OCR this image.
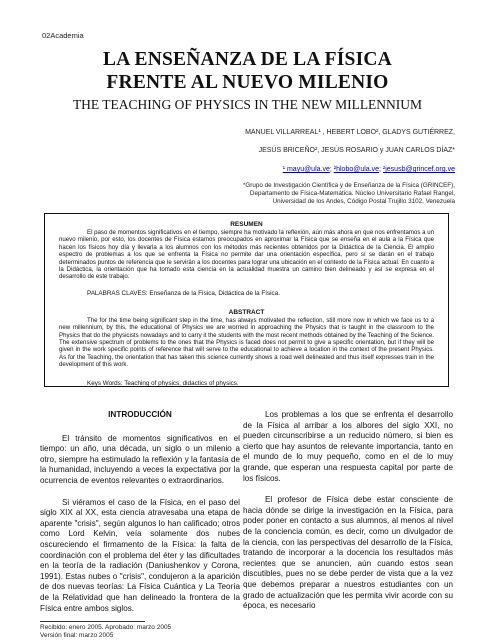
02Academia
LA ENSEÑANZA DE LA FÍSICA
FRENTE AL NUEVO MILENIO
THE TEACHING OF PHYSICS IN THE NEW MILLENNIUM
MANUEL VILLARREAL¹ , HEBERT LOBO², GLADYS GUTIÉRREZ,
JESÚS BRICEÑO², JESÚS ROSARIO y JUAN CARLOS DÍAZ*
¹ mayu@ula.ve; ²hlobo@ula.ve; ²jesusb@grincef.org.ve
*Grupo de Investigación Científica y de Enseñanza de la Física (GRINCEF),
Departamento de Física-Matemática. Núcleo Universitario Rafael Rangel,
Universidad de los Andes, Código Postal Trujillo 3102, Venezuela
RESUMEN

El paso de momentos significativos en el tiempo, siempre ha motivado la reflexión, aún más ahora en que nos enfrentamos a un nuevo milenio, por esto, los docentes de Física estamos preocupados en aproximar la Física que se enseña en el aula a la Física que hacen los físicos hoy día y llevarla a los alumnos con los métodos más recientes obtenidos por la Didáctica de la Ciencia. El amplio espectro de problemas a los que se enfrenta la Física no permite dar una orientación específica, pero sí se darán en el trabajo determinados puntos de referencia que le servirán a los docentes para lograr una ubicación en el contexto de la Física actual. En cuanto a la Didáctica, la orientación que ha tomado esta ciencia en la actualidad muestra un camino bien delineado y así se expresa en el desarrollo de este trabajo.

PALABRAS CLAVES: Enseñanza de la Física, Didáctica de la Física.
ABSTRACT

The for the time being significant step in the time, has always motivated the reflection, still more now in which we face us to a new millennium, by this, the educational of Physics we are worried in approaching the Physics that is taught in the classroom to the Physics that do the physicists nowadays and to carry it the students with the most recent methods obtained by the Teaching of the Science. The extensive spectrum of problems to the ones that the Physics is faced does not permit to give a specific orientation, but if they will be given in the work specific points of reference that will serve to the educational to achieve a location in the context of the present Physics. As for the Teaching, the orientation that has taken this science currently shows a road well delineated and thus itself expresses train in the development of this work.

Keys Words: Teaching of physics, didactics of physics.
INTRODUCCIÓN

El tránsito de momentos significativos en el tiempo: un año, una década, un siglo o un milenio a otro, siempre ha estimulado la reflexión y la fantasía de la humanidad, incluyendo a veces la expectativa por la ocurrencia de eventos relevantes o extraordinarios.

Si viéramos el caso de la Física, en el paso del siglo XIX al XX, esta ciencia atravesaba una etapa de aparente "crisis", según algunos lo han calificado; otros como Lord Kelvin, veía solamente dos nubes oscureciendo el firmamento de la Física: la falta de coordinación con el problema del éter y las dificultades en la teoría de la radiación (Daniushenkov y Corona, 1991). Estas nubes o "crisis", condujeron a la aparición de dos nuevas teorías: La Física Cuántica y La Teoría de la Relatividad que han delineado la frontera de la Física entre ambos siglos.

Los problemas a los que se enfrenta el desarrollo de la Física al arribar a los albores del siglo XXI, no pueden circunscribirse a un reducido número, si bien es cierto que hay asuntos de relevante importancia, tanto en el mundo de lo muy pequeño, como en el de lo muy grande, que esperan una respuesta capital por parte de los físicos.

El profesor de Física debe estar consciente de hacia dónde se dirige la investigación en la Física, para poder poner en contacto a sus alumnos, al menos al nivel de la conciencia común, es decir, como un divulgador de la ciencia, con las perspectivas del desarrollo de la Física, tratando de incorporar a la docencia los resultados más recientes que se anuncien, aún cuando estos sean discutibles, pues no se debe perder de vista que a la vez que debemos preparar a nuestros estudiantes con un grado de actualización que les permita vivir acorde con su época, es necesario

Recibido: enero 2005. Aprobado: marzo 2005
Versión final: marzo 2005
